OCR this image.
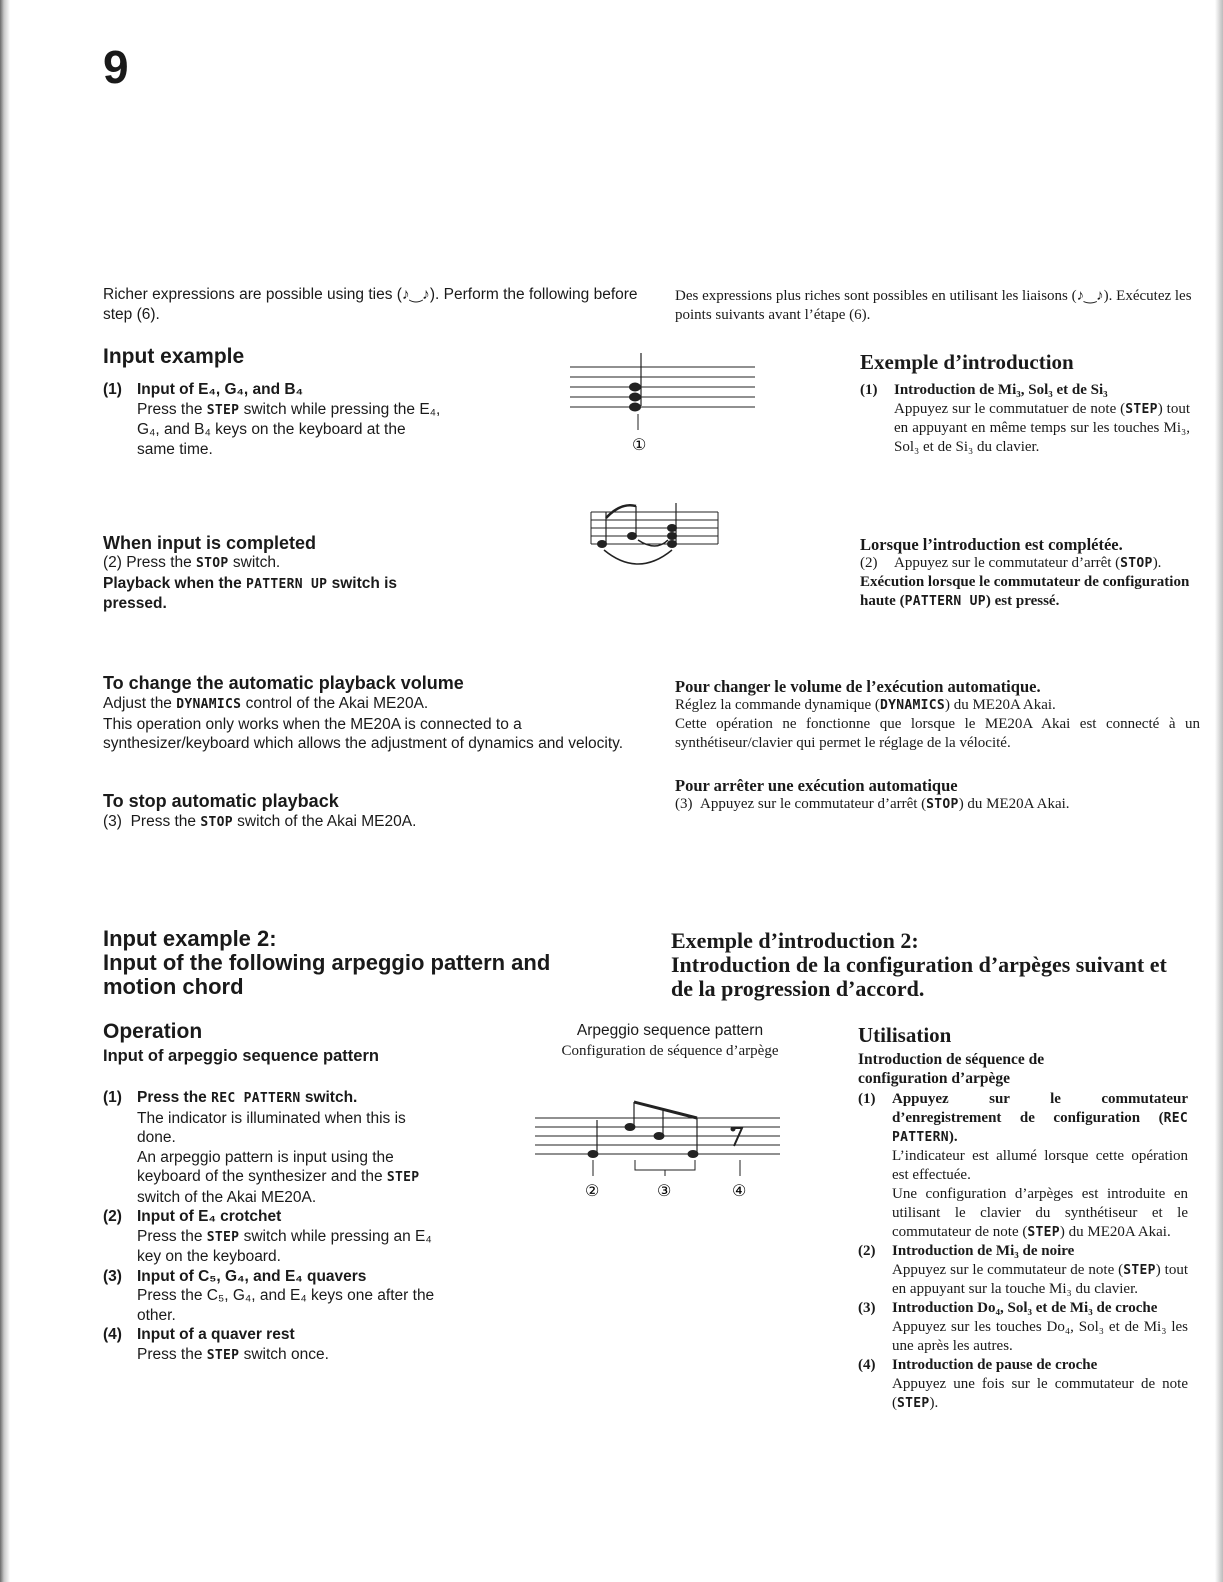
9

Richer expressions are possible using ties (♪‿♪). Perform the following before step (6).

Des expressions plus riches sont possibles en utilisant les liaisons (♪‿♪). Exécutez les points suivants avant l’étape (6).

Input example
(1) Input of E₄, G₄, and B₄
Press the STEP switch while pressing the E₄, G₄, and B₄ keys on the keyboard at the same time.	①
Exemple d’introduction
(1) Introduction de Mi₃, Sol₃ et de Si₃
Appuyez sur le commutatuer de note (STEP) tout en appuyant en même temps sur les touches Mi₃, Sol₃ et de Si₃ du clavier.
When input is completed
(2) Press the STOP switch.
Playback when the PATTERN UP switch is pressed.
Lorsque l’introduction est complétée.
(2) Appuyez sur le commutateur d’arrêt (STOP).
Exécution lorsque le commutateur de configuration haute (PATTERN UP) est pressé.
To change the automatic playback volume
Adjust the DYNAMICS control of the Akai ME20A.
This operation only works when the ME20A is connected to a synthesizer/keyboard which allows the adjustment of dynamics and velocity.
Pour changer le volume de l’exécution automatique.
Réglez la commande dynamique (DYNAMICS) du ME20A Akai.
Cette opération ne fonctionne que lorsque le ME20A Akai est connecté à un synthétiseur/clavier qui permet le réglage de la vélocité.
To stop automatic playback
(3) Press the STOP switch of the Akai ME20A.
Pour arrêter une exécution automatique
(3) Appuyez sur le commutateur d’arrêt (STOP) du ME20A Akai.
Input example 2:
Input of the following arpeggio pattern and motion chord
Exemple d’introduction 2:
Introduction de la configuration d’arpèges suivant et de la progression d’accord.
Operation
Input of arpeggio sequence pattern
(1) Press the REC PATTERN switch.
The indicator is illuminated when this is done.
An arpeggio pattern is input using the keyboard of the synthesizer and the STEP switch of the Akai ME20A.
(2) Input of E₄ crotchet
Press the STEP switch while pressing an E₄ key on the keyboard.
(3) Input of C₅, G₄, and E₄ quavers
Press the C₅, G₄, and E₄ keys one after the other.
(4) Input of a quaver rest
Press the STEP switch once.
Arpeggio sequence pattern
Configuration de séquence d’arpège
②	③	④
Utilisation
Introduction de séquence de configuration d’arpège
(1) Appuyez sur le commutateur d’enregistrement de configuration (REC PATTERN).
L’indicateur est allumé lorsque cette opération est effectuée.
Une configuration d’arpèges est introduite en utilisant le clavier du synthétiseur et le commutateur de note (STEP) du ME20A Akai.
(2) Introduction de Mi₃ de noire
Appuyez sur le commutateur de note (STEP) tout en appuyant sur la touche Mi₃ du clavier.
(3) Introduction Do₄, Sol₃ et de Mi₃ de croche
Appuyez sur les touches Do₄, Sol₃ et de Mi₃ les une après les autres.
(4) Introduction de pause de croche
Appuyez une fois sur le commutateur de note (STEP).
